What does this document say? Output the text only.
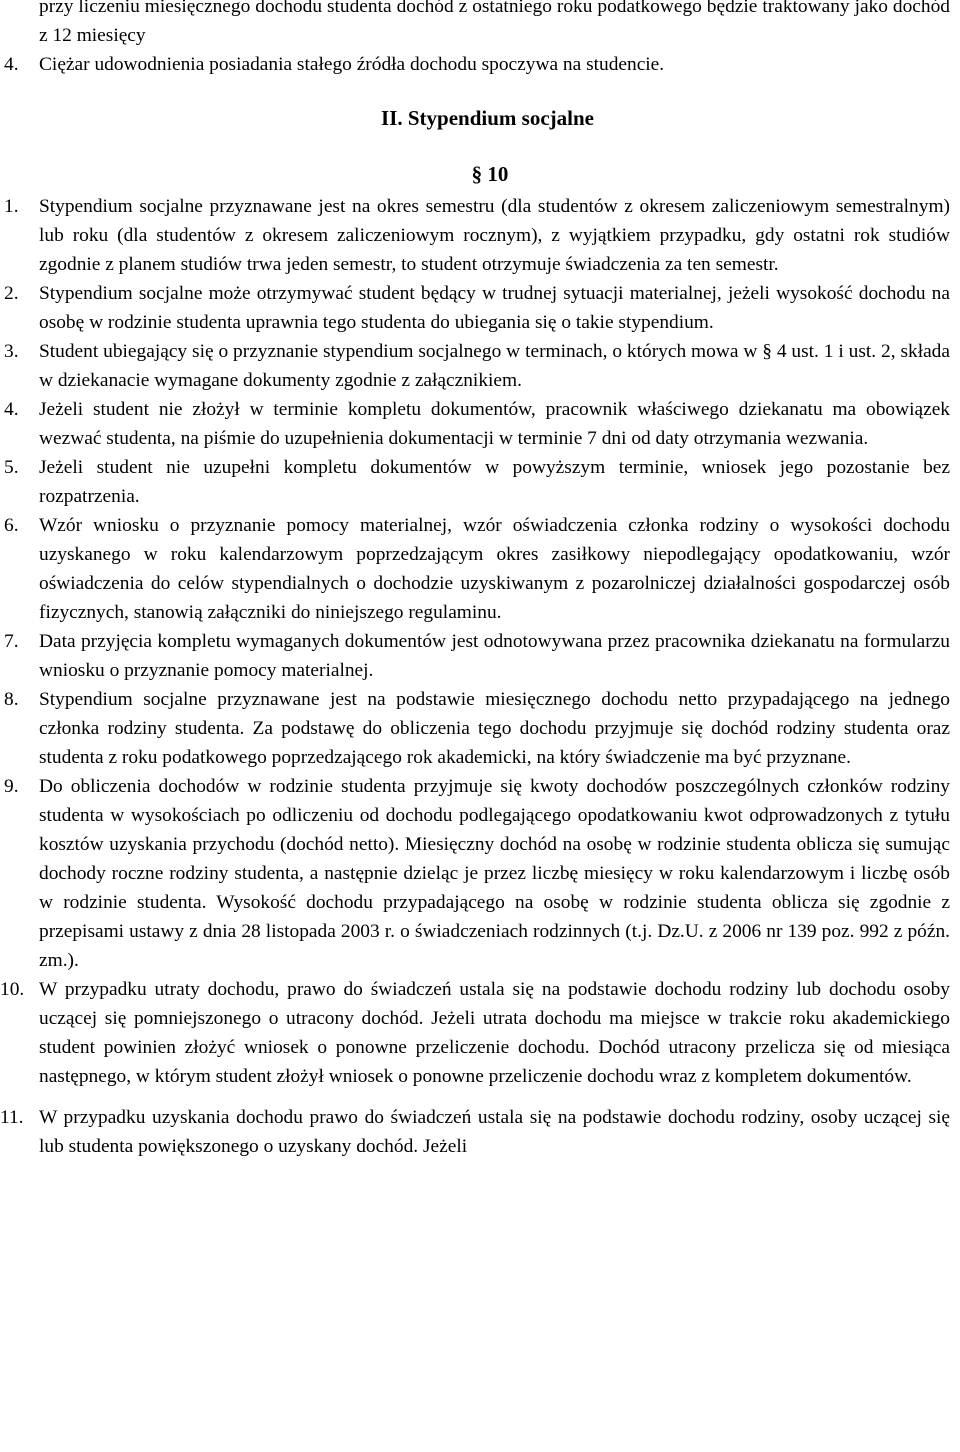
przy liczeniu miesięcznego dochodu studenta dochód z ostatniego roku podatkowego będzie traktowany jako dochód z 12 miesięcy
4.	Ciężar udowodnienia posiadania stałego źródła dochodu spoczywa na studencie.
II. Stypendium socjalne
§ 10
1.	Stypendium socjalne przyznawane jest na okres semestru (dla studentów z okresem zaliczeniowym semestralnym) lub roku (dla studentów z okresem zaliczeniowym rocznym), z wyjątkiem przypadku, gdy ostatni rok studiów zgodnie z planem studiów trwa jeden semestr, to student otrzymuje świadczenia za ten semestr.
2.	Stypendium socjalne może otrzymywać student będący w trudnej sytuacji materialnej, jeżeli wysokość dochodu na osobę w rodzinie studenta uprawnia tego studenta do ubiegania się o takie stypendium.
3.	Student ubiegający się o przyznanie stypendium socjalnego w terminach, o których mowa w § 4 ust. 1 i ust. 2, składa w dziekanacie wymagane dokumenty zgodnie z załącznikiem.
4.	Jeżeli student nie złożył w terminie kompletu dokumentów, pracownik właściwego dziekanatu ma obowiązek wezwać studenta, na piśmie do uzupełnienia dokumentacji w terminie 7 dni od daty otrzymania wezwania.
5.	Jeżeli student nie uzupełni kompletu dokumentów w powyższym terminie, wniosek jego pozostanie bez rozpatrzenia.
6.	Wzór wniosku o przyznanie pomocy materialnej, wzór oświadczenia członka rodziny o wysokości dochodu uzyskanego w roku kalendarzowym poprzedzającym okres zasiłkowy niepodlegający opodatkowaniu, wzór oświadczenia do celów stypendialnych o dochodzie uzyskiwanym z pozarolniczej działalności gospodarczej osób fizycznych, stanowią załączniki do niniejszego regulaminu.
7.	Data przyjęcia kompletu wymaganych dokumentów jest odnotowywana przez pracownika dziekanatu na formularzu wniosku o przyznanie pomocy materialnej.
8.	Stypendium socjalne przyznawane jest na podstawie miesięcznego dochodu netto przypadającego na jednego członka rodziny studenta. Za podstawę do obliczenia tego dochodu przyjmuje się dochód rodziny studenta oraz studenta z roku podatkowego poprzedzającego rok akademicki, na który świadczenie ma być przyznane.
9.	Do obliczenia dochodów w rodzinie studenta przyjmuje się kwoty dochodów poszczególnych członków rodziny studenta w wysokościach po odliczeniu od dochodu podlegającego opodatkowaniu kwot odprowadzonych z tytułu kosztów uzyskania przychodu (dochód netto). Miesięczny dochód na osobę w rodzinie studenta oblicza się sumując dochody roczne rodziny studenta, a następnie dzieląc je przez liczbę miesięcy w roku kalendarzowym i liczbę osób w rodzinie studenta. Wysokość dochodu przypadającego na osobę w rodzinie studenta oblicza się zgodnie z przepisami ustawy z dnia 28 listopada 2003 r. o świadczeniach rodzinnych (t.j. Dz.U. z 2006 nr 139 poz. 992 z późn. zm.).
10. W przypadku utraty dochodu, prawo do świadczeń ustala się na podstawie dochodu rodziny lub dochodu osoby uczącej się pomniejszonego o utracony dochód. Jeżeli utrata dochodu ma miejsce w trakcie roku akademickiego student powinien złożyć wniosek o ponowne przeliczenie dochodu. Dochód utracony przelicza się od miesiąca następnego, w którym student złożył wniosek o ponowne przeliczenie dochodu wraz z kompletem dokumentów.
11. W przypadku uzyskania dochodu prawo do świadczeń ustala się na podstawie dochodu rodziny, osoby uczącej się lub studenta powiększonego o uzyskany dochód. Jeżeli
